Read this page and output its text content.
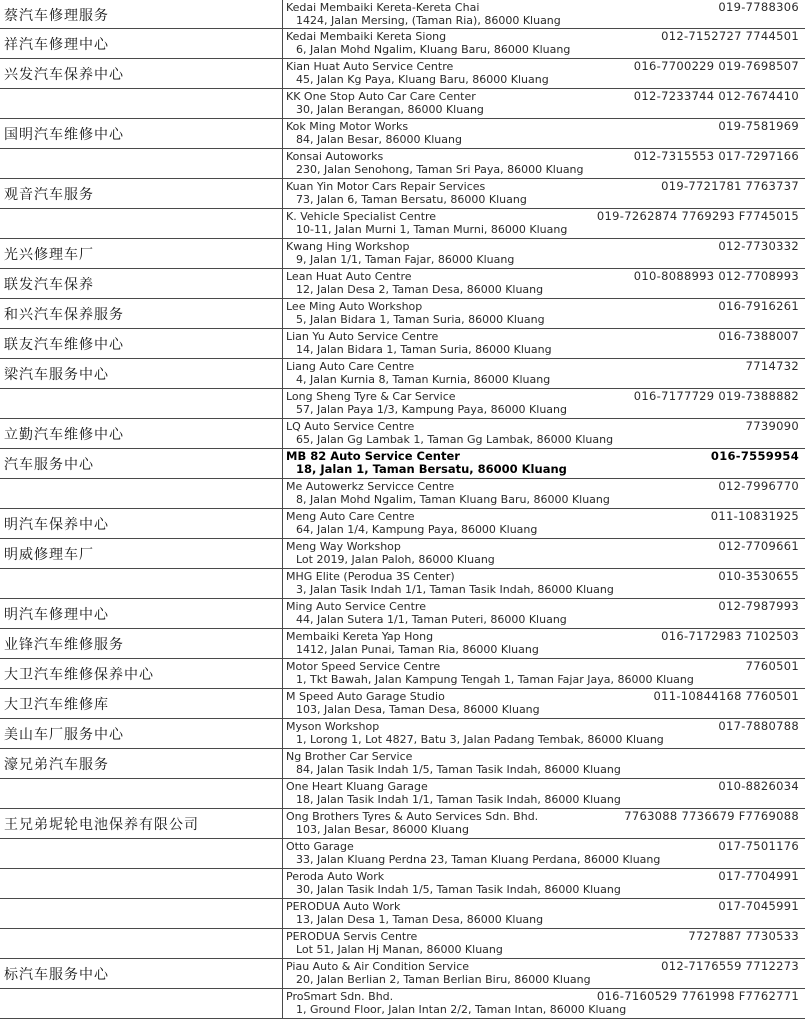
蔡汽车修理服务
Kedai Membaiki Kereta-Kereta Chai
1424, Jalan Mersing, (Taman Ria), 86000 Kluang
019-7788306
祥汽车修理中心
Kedai Membaiki Kereta Siong
6, Jalan Mohd Ngalim, Kluang Baru, 86000 Kluang
012-7152727 7744501
兴发汽车保养中心
Kian Huat Auto Service Centre
45, Jalan Kg Paya, Kluang Baru, 86000 Kluang
016-7700229 019-7698507
KK One Stop Auto Car Care Center
30, Jalan Berangan, 86000 Kluang
012-7233744 012-7674410
国明汽车维修中心
Kok Ming Motor Works
84, Jalan Besar, 86000 Kluang
019-7581969
Konsai Autoworks
230, Jalan Senohong, Taman Sri Paya, 86000 Kluang
012-7315553 017-7297166
观音汽车服务
Kuan Yin Motor Cars Repair Services
73, Jalan 6, Taman Bersatu, 86000 Kluang
019-7721781 7763737
K. Vehicle Specialist Centre
10-11, Jalan Murni 1, Taman Murni, 86000 Kluang
019-7262874 7769293 F7745015
光兴修理车厂
Kwang Hing Workshop
9, Jalan 1/1, Taman Fajar, 86000 Kluang
012-7730332
联发汽车保养
Lean Huat Auto Centre
12, Jalan Desa 2, Taman Desa, 86000 Kluang
010-8088993 012-7708993
和兴汽车保养服务
Lee Ming Auto Workshop
5, Jalan Bidara 1, Taman Suria, 86000 Kluang
016-7916261
联友汽车维修中心
Lian Yu Auto Service Centre
14, Jalan Bidara 1, Taman Suria, 86000 Kluang
016-7388007
梁汽车服务中心
Liang Auto Care Centre
4, Jalan Kurnia 8, Taman Kurnia, 86000 Kluang
7714732
Long Sheng Tyre & Car Service
57, Jalan Paya 1/3, Kampung Paya, 86000 Kluang
016-7177729 019-7388882
立勤汽车维修中心
LQ Auto Service Centre
65, Jalan Gg Lambak 1, Taman Gg Lambak, 86000 Kluang
7739090
汽车服务中心
MB 82 Auto Service Center
18, Jalan 1, Taman Bersatu, 86000 Kluang
016-7559954
Me Autowerkz Servicce Centre
8, Jalan Mohd Ngalim, Taman Kluang Baru, 86000 Kluang
012-7996770
明汽车保养中心
Meng Auto Care Centre
64, Jalan 1/4, Kampung Paya, 86000 Kluang
011-10831925
明威修理车厂
Meng Way Workshop
Lot 2019, Jalan Paloh, 86000 Kluang
012-7709661
MHG Elite (Perodua 3S Center)
3, Jalan Tasik Indah 1/1, Taman Tasik Indah, 86000 Kluang
010-3530655
明汽车修理中心
Ming Auto Service Centre
44, Jalan Sutera 1/1, Taman Puteri, 86000 Kluang
012-7987993
业锋汽车维修服务
Membaiki Kereta Yap Hong
1412, Jalan Punai, Taman Ria, 86000 Kluang
016-7172983 7102503
大卫汽车维修保养中心
Motor Speed Service Centre
1, Tkt Bawah, Jalan Kampung Tengah 1, Taman Fajar Jaya, 86000 Kluang
7760501
大卫汽车维修库
M Speed Auto Garage Studio
103, Jalan Desa, Taman Desa, 86000 Kluang
011-10844168 7760501
美山车厂服务中心
Myson Workshop
1, Lorong 1, Lot 4827, Batu 3, Jalan Padang Tembak, 86000 Kluang
017-7880788
濠兄弟汽车服务
Ng Brother Car Service
84, Jalan Tasik Indah 1/5, Taman Tasik Indah, 86000 Kluang
One Heart Kluang Garage
18, Jalan Tasik Indah 1/1, Taman Tasik Indah, 86000 Kluang
010-8826034
王兄弟坭轮电池保养有限公司
Ong Brothers Tyres & Auto Services Sdn. Bhd.
103, Jalan Besar, 86000 Kluang
7763088 7736679 F7769088
Otto Garage
33, Jalan Kluang Perdna 23, Taman Kluang Perdana, 86000 Kluang
017-7501176
Peroda Auto Work
30, Jalan Tasik Indah 1/5, Taman Tasik Indah, 86000 Kluang
017-7704991
PERODUA Auto Work
13, Jalan Desa 1, Taman Desa, 86000 Kluang
017-7045991
PERODUA Servis Centre
Lot 51, Jalan Hj Manan, 86000 Kluang
7727887 7730533
标汽车服务中心
Piau Auto & Air Condition Service
20, Jalan Berlian 2, Taman Berlian Biru, 86000 Kluang
012-7176559 7712273
ProSmart Sdn. Bhd.
1, Ground Floor, Jalan Intan 2/2, Taman Intan, 86000 Kluang
016-7160529 7761998 F7762771
